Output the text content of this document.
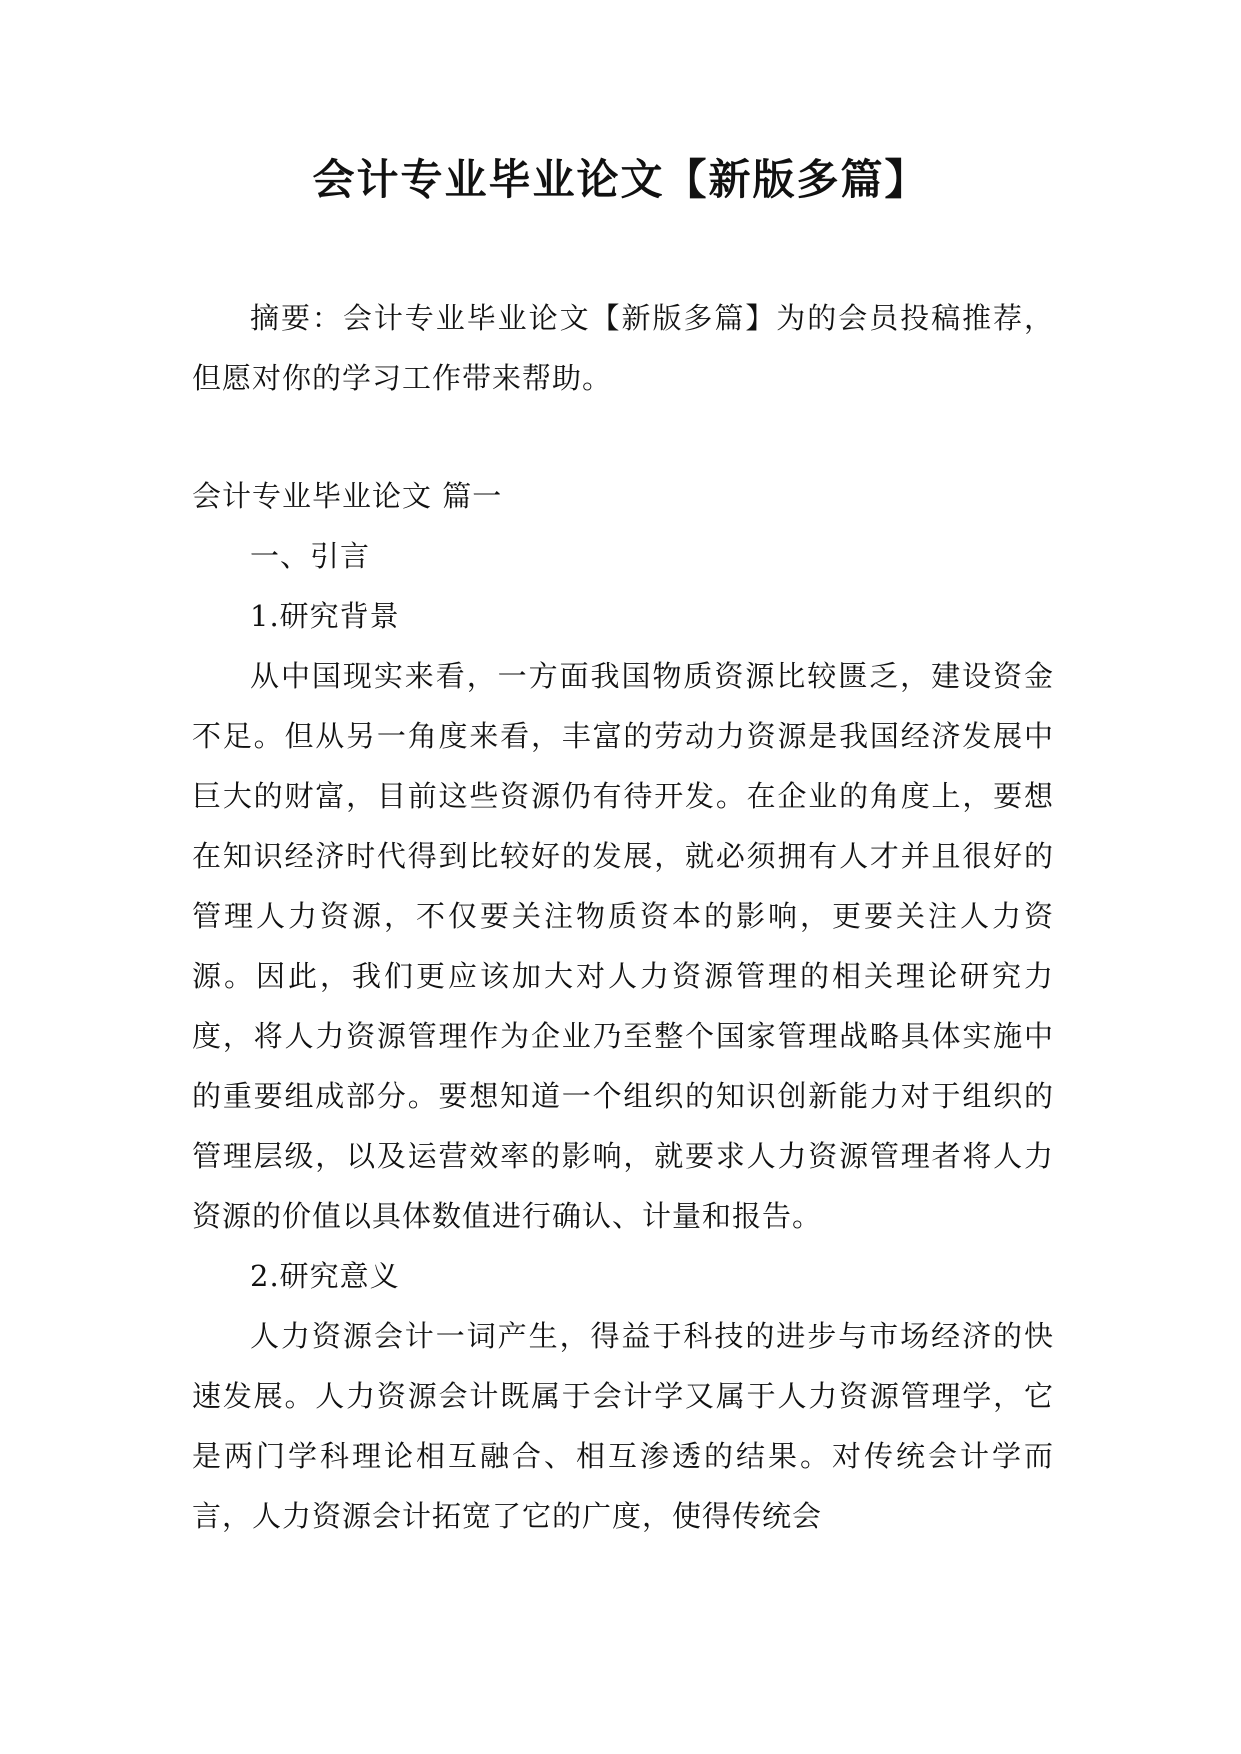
会计专业毕业论文【新版多篇】

摘要：会计专业毕业论文【新版多篇】为的会员投稿推荐，但愿对你的学习工作带来帮助。

会计专业毕业论文 篇一

一、引言

1.研究背景

从中国现实来看，一方面我国物质资源比较匮乏，建设资金不足。但从另一角度来看，丰富的劳动力资源是我国经济发展中巨大的财富，目前这些资源仍有待开发。在企业的角度上，要想在知识经济时代得到比较好的发展，就必须拥有人才并且很好的管理人力资源，不仅要关注物质资本的影响，更要关注人力资源。因此，我们更应该加大对人力资源管理的相关理论研究力度，将人力资源管理作为企业乃至整个国家管理战略具体实施中的重要组成部分。要想知道一个组织的知识创新能力对于组织的管理层级，以及运营效率的影响，就要求人力资源管理者将人力资源的价值以具体数值进行确认、计量和报告。

2.研究意义

人力资源会计一词产生，得益于科技的进步与市场经济的快速发展。人力资源会计既属于会计学又属于人力资源管理学，它是两门学科理论相互融合、相互渗透的结果。对传统会计学而言，人力资源会计拓宽了它的广度，使得传统会
